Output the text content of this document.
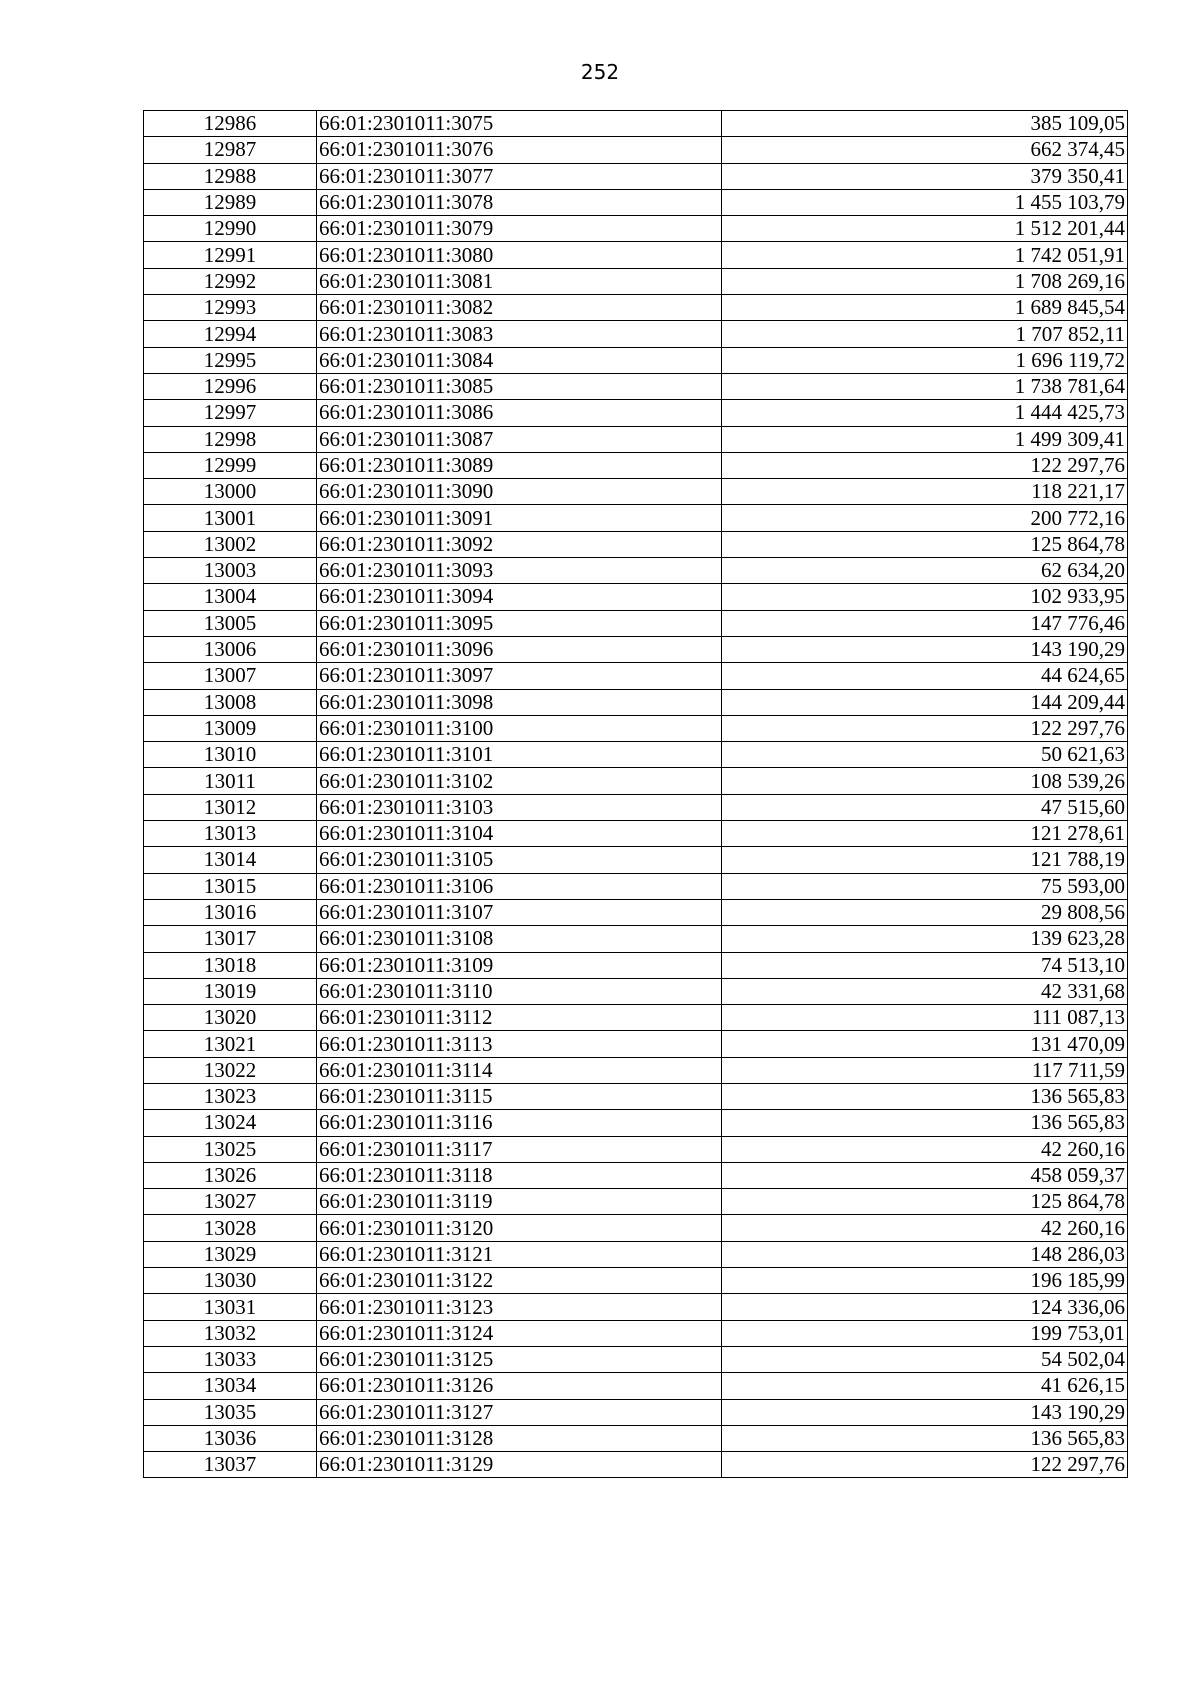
252
12986	66:01:2301011:3075	385 109,05
12987	66:01:2301011:3076	662 374,45
12988	66:01:2301011:3077	379 350,41
12989	66:01:2301011:3078	1 455 103,79
12990	66:01:2301011:3079	1 512 201,44
12991	66:01:2301011:3080	1 742 051,91
12992	66:01:2301011:3081	1 708 269,16
12993	66:01:2301011:3082	1 689 845,54
12994	66:01:2301011:3083	1 707 852,11
12995	66:01:2301011:3084	1 696 119,72
12996	66:01:2301011:3085	1 738 781,64
12997	66:01:2301011:3086	1 444 425,73
12998	66:01:2301011:3087	1 499 309,41
12999	66:01:2301011:3089	122 297,76
13000	66:01:2301011:3090	118 221,17
13001	66:01:2301011:3091	200 772,16
13002	66:01:2301011:3092	125 864,78
13003	66:01:2301011:3093	62 634,20
13004	66:01:2301011:3094	102 933,95
13005	66:01:2301011:3095	147 776,46
13006	66:01:2301011:3096	143 190,29
13007	66:01:2301011:3097	44 624,65
13008	66:01:2301011:3098	144 209,44
13009	66:01:2301011:3100	122 297,76
13010	66:01:2301011:3101	50 621,63
13011	66:01:2301011:3102	108 539,26
13012	66:01:2301011:3103	47 515,60
13013	66:01:2301011:3104	121 278,61
13014	66:01:2301011:3105	121 788,19
13015	66:01:2301011:3106	75 593,00
13016	66:01:2301011:3107	29 808,56
13017	66:01:2301011:3108	139 623,28
13018	66:01:2301011:3109	74 513,10
13019	66:01:2301011:3110	42 331,68
13020	66:01:2301011:3112	111 087,13
13021	66:01:2301011:3113	131 470,09
13022	66:01:2301011:3114	117 711,59
13023	66:01:2301011:3115	136 565,83
13024	66:01:2301011:3116	136 565,83
13025	66:01:2301011:3117	42 260,16
13026	66:01:2301011:3118	458 059,37
13027	66:01:2301011:3119	125 864,78
13028	66:01:2301011:3120	42 260,16
13029	66:01:2301011:3121	148 286,03
13030	66:01:2301011:3122	196 185,99
13031	66:01:2301011:3123	124 336,06
13032	66:01:2301011:3124	199 753,01
13033	66:01:2301011:3125	54 502,04
13034	66:01:2301011:3126	41 626,15
13035	66:01:2301011:3127	143 190,29
13036	66:01:2301011:3128	136 565,83
13037	66:01:2301011:3129	122 297,76
